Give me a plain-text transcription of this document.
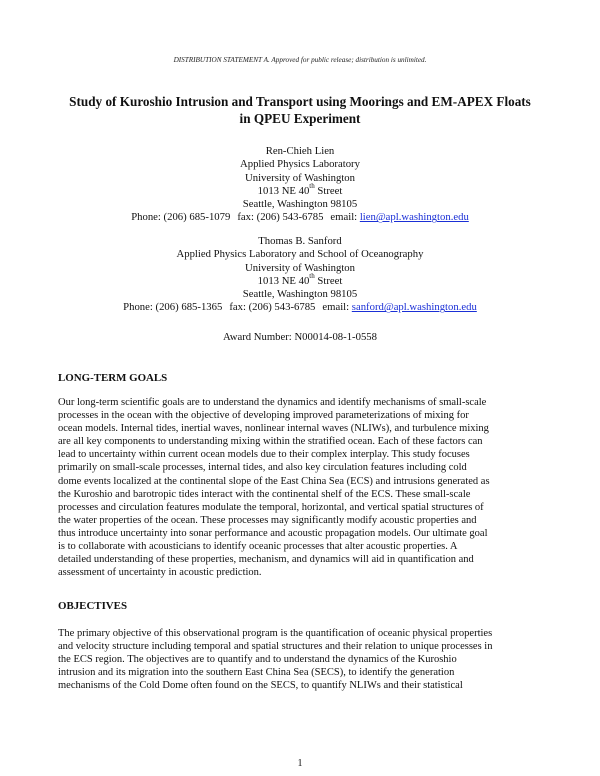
DISTRIBUTION STATEMENT A. Approved for public release; distribution is unlimited.
Study of Kuroshio Intrusion and Transport using Moorings and EM-APEX Floats
in QPEU Experiment
Ren-Chieh Lien
Applied Physics Laboratory
University of Washington
1013 NE 40th Street
Seattle, Washington 98105
Phone: (206) 685-1079 fax: (206) 543-6785 email: lien@apl.washington.edu
Thomas B. Sanford
Applied Physics Laboratory and School of Oceanography
University of Washington
1013 NE 40th Street
Seattle, Washington 98105
Phone: (206) 685-1365 fax: (206) 543-6785 email: sanford@apl.washington.edu
Award Number: N00014-08-1-0558
LONG-TERM GOALS
Our long-term scientific goals are to understand the dynamics and identify mechanisms of small-scale
processes in the ocean with the objective of developing improved parameterizations of mixing for
ocean models. Internal tides, inertial waves, nonlinear internal waves (NLIWs), and turbulence mixing
are all key components to understanding mixing within the stratified ocean. Each of these factors can
lead to uncertainty within current ocean models due to their complex interplay. This study focuses
primarily on small-scale processes, internal tides, and also key circulation features including cold
dome events localized at the continental slope of the East China Sea (ECS) and intrusions generated as
the Kuroshio and barotropic tides interact with the continental shelf of the ECS. These small-scale
processes and circulation features modulate the temporal, horizontal, and vertical spatial structures of
the water properties of the ocean. These processes may significantly modify acoustic properties and
thus introduce uncertainty into sonar performance and acoustic propagation models. Our ultimate goal
is to collaborate with acousticians to identify oceanic processes that alter acoustic properties. A
detailed understanding of these properties, mechanism, and dynamics will aid in quantification and
assessment of uncertainty in acoustic prediction.
OBJECTIVES
The primary objective of this observational program is the quantification of oceanic physical properties
and velocity structure including temporal and spatial structures and their relation to unique processes in
the ECS region. The objectives are to quantify and to understand the dynamics of the Kuroshio
intrusion and its migration into the southern East China Sea (SECS), to identify the generation
mechanisms of the Cold Dome often found on the SECS, to quantify NLIWs and their statistical
1
